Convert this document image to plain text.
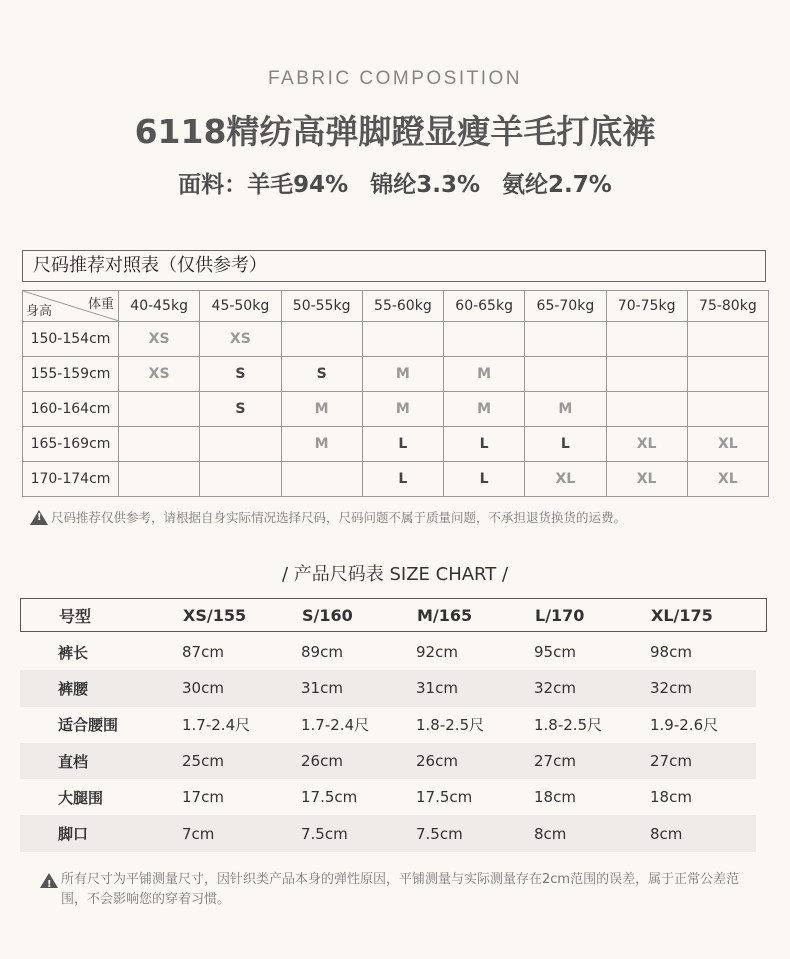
FABRIC COMPOSITION
6118精纺高弹脚蹬显瘦羊毛打底裤
面料：羊毛94% 锦纶3.3% 氨纶2.7%
尺码推荐对照表（仅供参考）
体重
身高	40-45kg	45-50kg	50-55kg	55-60kg	60-65kg	65-70kg	70-75kg	75-80kg
150-154cm	XS	XS						
155-159cm	XS	S	S	M	M			
160-164cm		S	M	M	M	M		
165-169cm			M	L	L	L	XL	XL
170-174cm				L	L	XL	XL	XL
!尺码推荐仅供参考，请根据自身实际情况选择尺码，尺码问题不属于质量问题，不承担退货换货的运费。
/ 产品尺码表 SIZE CHART /
号型	XS/155	S/160	M/165	L/170	XL/175
裤长	87cm	89cm	92cm	95cm	98cm
裤腰	30cm	31cm	31cm	32cm	32cm
适合腰围	1.7-2.4尺	1.7-2.4尺	1.8-2.5尺	1.8-2.5尺	1.9-2.6尺
直档	25cm	26cm	26cm	27cm	27cm
大腿围	17cm	17.5cm	17.5cm	18cm	18cm
脚口	7cm	7.5cm	7.5cm	8cm	8cm
!
所有尺寸为平铺测量尺寸，因针织类产品本身的弹性原因，平铺测量与实际测量存在2cm范围的误差，属于正常公差范围，不会影响您的穿着习惯。
